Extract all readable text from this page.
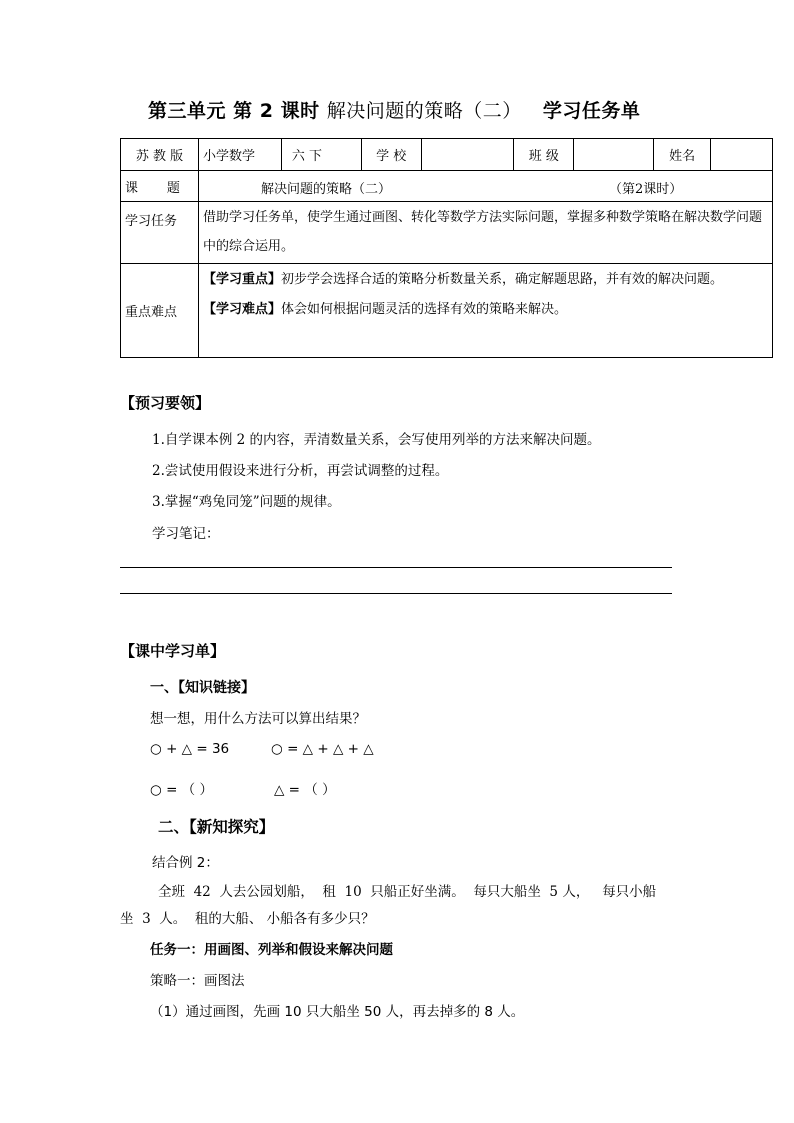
第三单元 第 2 课时 解决问题的策略（二） 学习任务单
苏 教 版	小学数学	六 下	学 校		班 级		姓名	
课       题	解决问题的策略（二） （第2课时）							

学习任务	借助学习任务单，使学生通过画图、转化等数学方法实际问题，掌握多种数学策略在解决数学问题中的综合运用。							
重点难点	【学习重点】初步学会选择合适的策略分析数量关系，确定解题思路，并有效的解决问题。
【学习难点】体会如何根据问题灵活的选择有效的策略来解决。							
【预习要领】
1.自学课本例 2 的内容，弄清数量关系，会写使用列举的方法来解决问题。
2.尝试使用假设来进行分析，再尝试调整的过程。
3.掌握“鸡兔同笼”问题的规律。
学习笔记：
【课中学习单】
一、【知识链接】
想一想，用什么方法可以算出结果？
○ + △ = 36	○ = △ + △ + △
○ = （ ）	△ = （ ）
二、【新知探究】
结合例 2：
全班  42  人去公园划船，  租  10  只船正好坐满。  每只大船坐  5 人，   每只小船
坐  3  人。  租的大船、 小船各有多少只？
任务一：用画图、列举和假设来解决问题
策略一：画图法
（1）通过画图，先画 10 只大船坐 50 人，再去掉多的 8 人。
